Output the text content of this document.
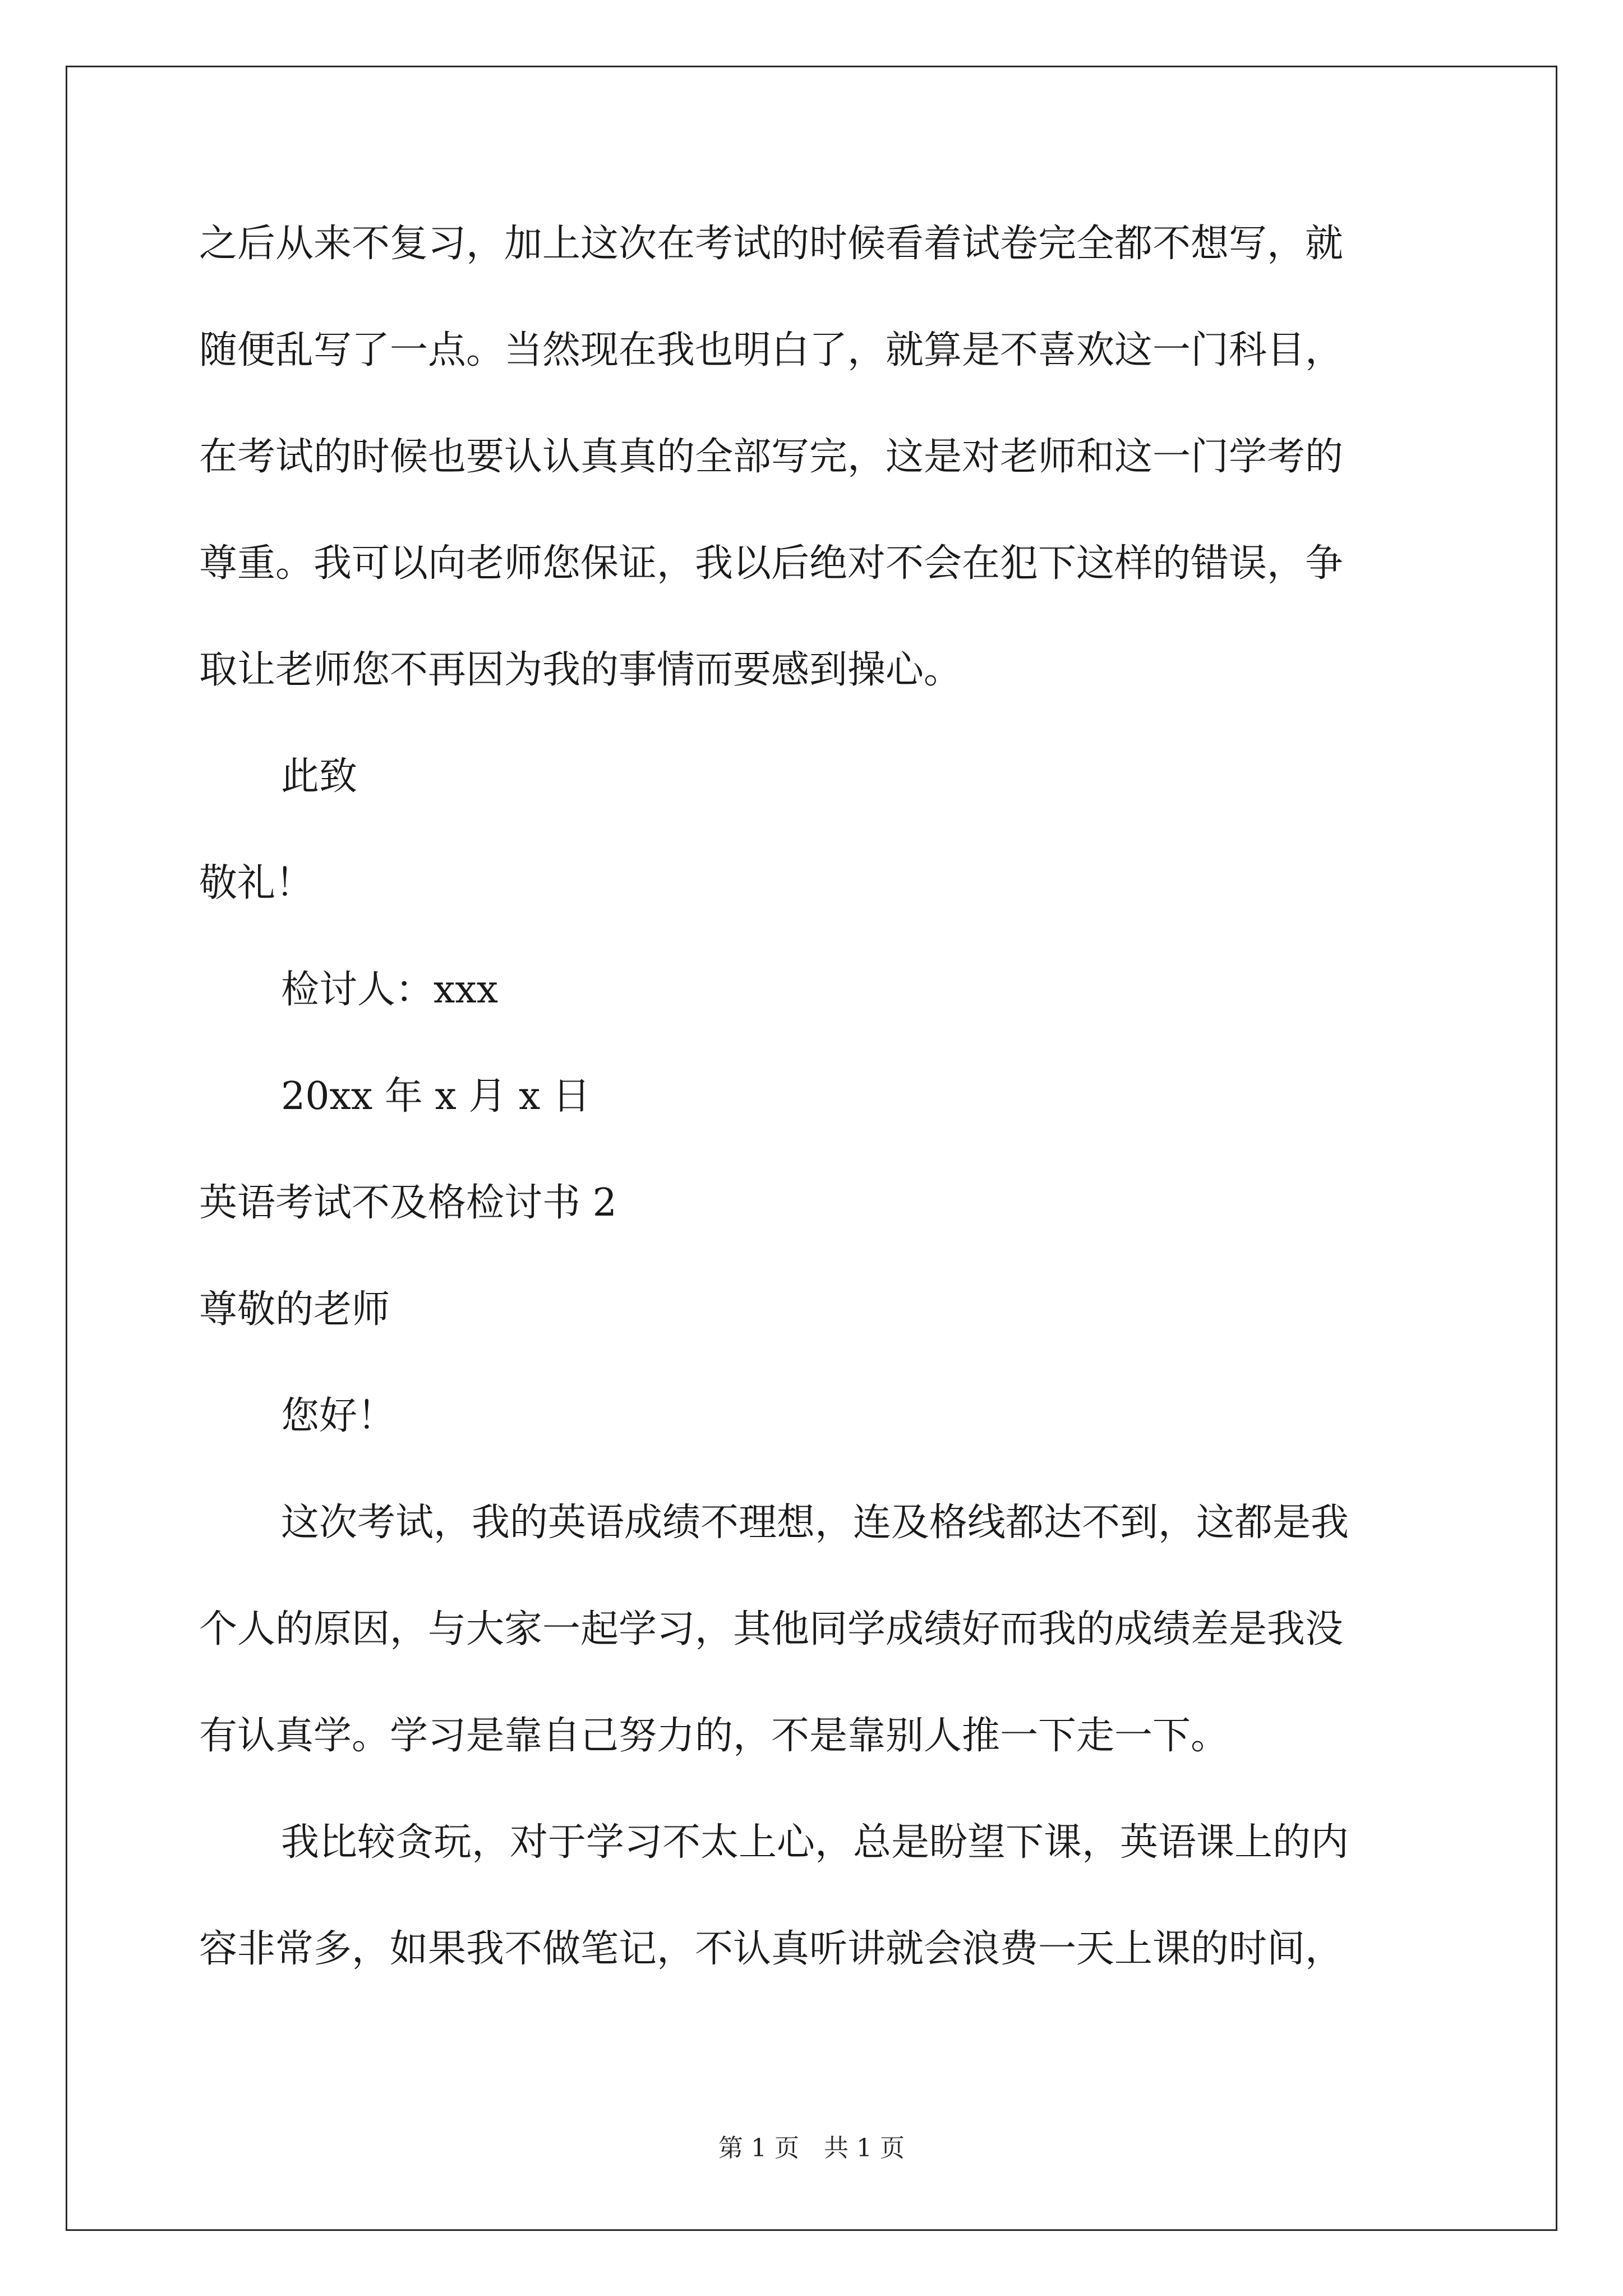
之后从来不复习，加上这次在考试的时候看着试卷完全都不想写，就
随便乱写了一点。当然现在我也明白了，就算是不喜欢这一门科目，
在考试的时候也要认认真真的全部写完，这是对老师和这一门学考的
尊重。我可以向老师您保证，我以后绝对不会在犯下这样的错误，争
取让老师您不再因为我的事情而要感到操心。
此致
敬礼！
检讨人：xxx
20xx 年 x 月 x 日
英语考试不及格检讨书 2
尊敬的老师
您好！
这次考试，我的英语成绩不理想，连及格线都达不到，这都是我
个人的原因，与大家一起学习，其他同学成绩好而我的成绩差是我没
有认真学。学习是靠自己努力的，不是靠别人推一下走一下。
我比较贪玩，对于学习不太上心，总是盼望下课，英语课上的内
容非常多，如果我不做笔记，不认真听讲就会浪费一天上课的时间，
第 1 页　共 1 页
